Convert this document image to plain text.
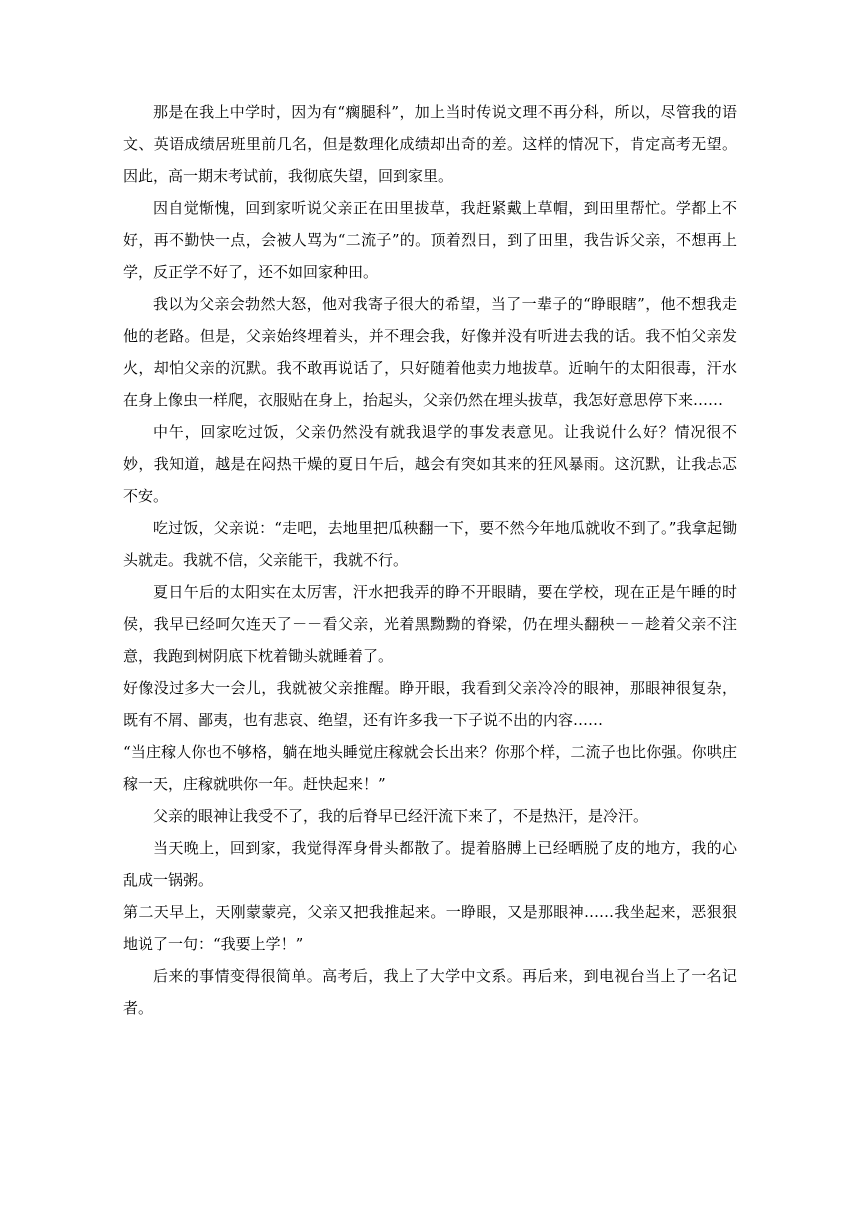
那是在我上中学时，因为有“瘸腿科”，加上当时传说文理不再分科，所以，尽管我的语文、英语成绩居班里前几名，但是数理化成绩却出奇的差。这样的情况下，肯定高考无望。因此，高一期末考试前，我彻底失望，回到家里。

因自觉惭愧，回到家听说父亲正在田里拔草，我赶紧戴上草帽，到田里帮忙。学都上不好，再不勤快一点，会被人骂为“二流子”的。顶着烈日，到了田里，我告诉父亲，不想再上学，反正学不好了，还不如回家种田。

我以为父亲会勃然大怒，他对我寄子很大的希望，当了一辈子的“睁眼瞎”，他不想我走他的老路。但是，父亲始终埋着头，并不理会我，好像并没有听进去我的话。我不怕父亲发火，却怕父亲的沉默。我不敢再说话了，只好随着他卖力地拔草。近晌午的太阳很毒，汗水在身上像虫一样爬，衣服贴在身上，抬起头，父亲仍然在埋头拔草，我怎好意思停下来……

中午，回家吃过饭，父亲仍然没有就我退学的事发表意见。让我说什么好？情况很不妙，我知道，越是在闷热干燥的夏日午后，越会有突如其来的狂风暴雨。这沉默，让我忐忑不安。

吃过饭，父亲说：“走吧，去地里把瓜秧翻一下，要不然今年地瓜就收不到了。”我拿起锄头就走。我就不信，父亲能干，我就不行。

夏日午后的太阳实在太厉害，汗水把我弄的睁不开眼睛，要在学校，现在正是午睡的时侯，我早已经呵欠连天了－－看父亲，光着黑黝黝的脊梁，仍在埋头翻秧－－趁着父亲不注意，我跑到树阴底下枕着锄头就睡着了。

好像没过多大一会儿，我就被父亲推醒。睁开眼，我看到父亲冷冷的眼神，那眼神很复杂，既有不屑、鄙夷，也有悲哀、绝望，还有许多我一下子说不出的内容……

“当庄稼人你也不够格，躺在地头睡觉庄稼就会长出来？你那个样，二流子也比你强。你哄庄稼一天，庄稼就哄你一年。赶快起来！”

父亲的眼神让我受不了，我的后脊早已经汗流下来了，不是热汗，是冷汗。

当天晚上，回到家，我觉得浑身骨头都散了。提着胳膊上已经晒脱了皮的地方，我的心乱成一锅粥。

第二天早上，天刚蒙蒙亮，父亲又把我推起来。一睁眼，又是那眼神……我坐起来，恶狠狠地说了一句：“我要上学！”

后来的事情变得很简单。高考后，我上了大学中文系。再后来，到电视台当上了一名记者。
